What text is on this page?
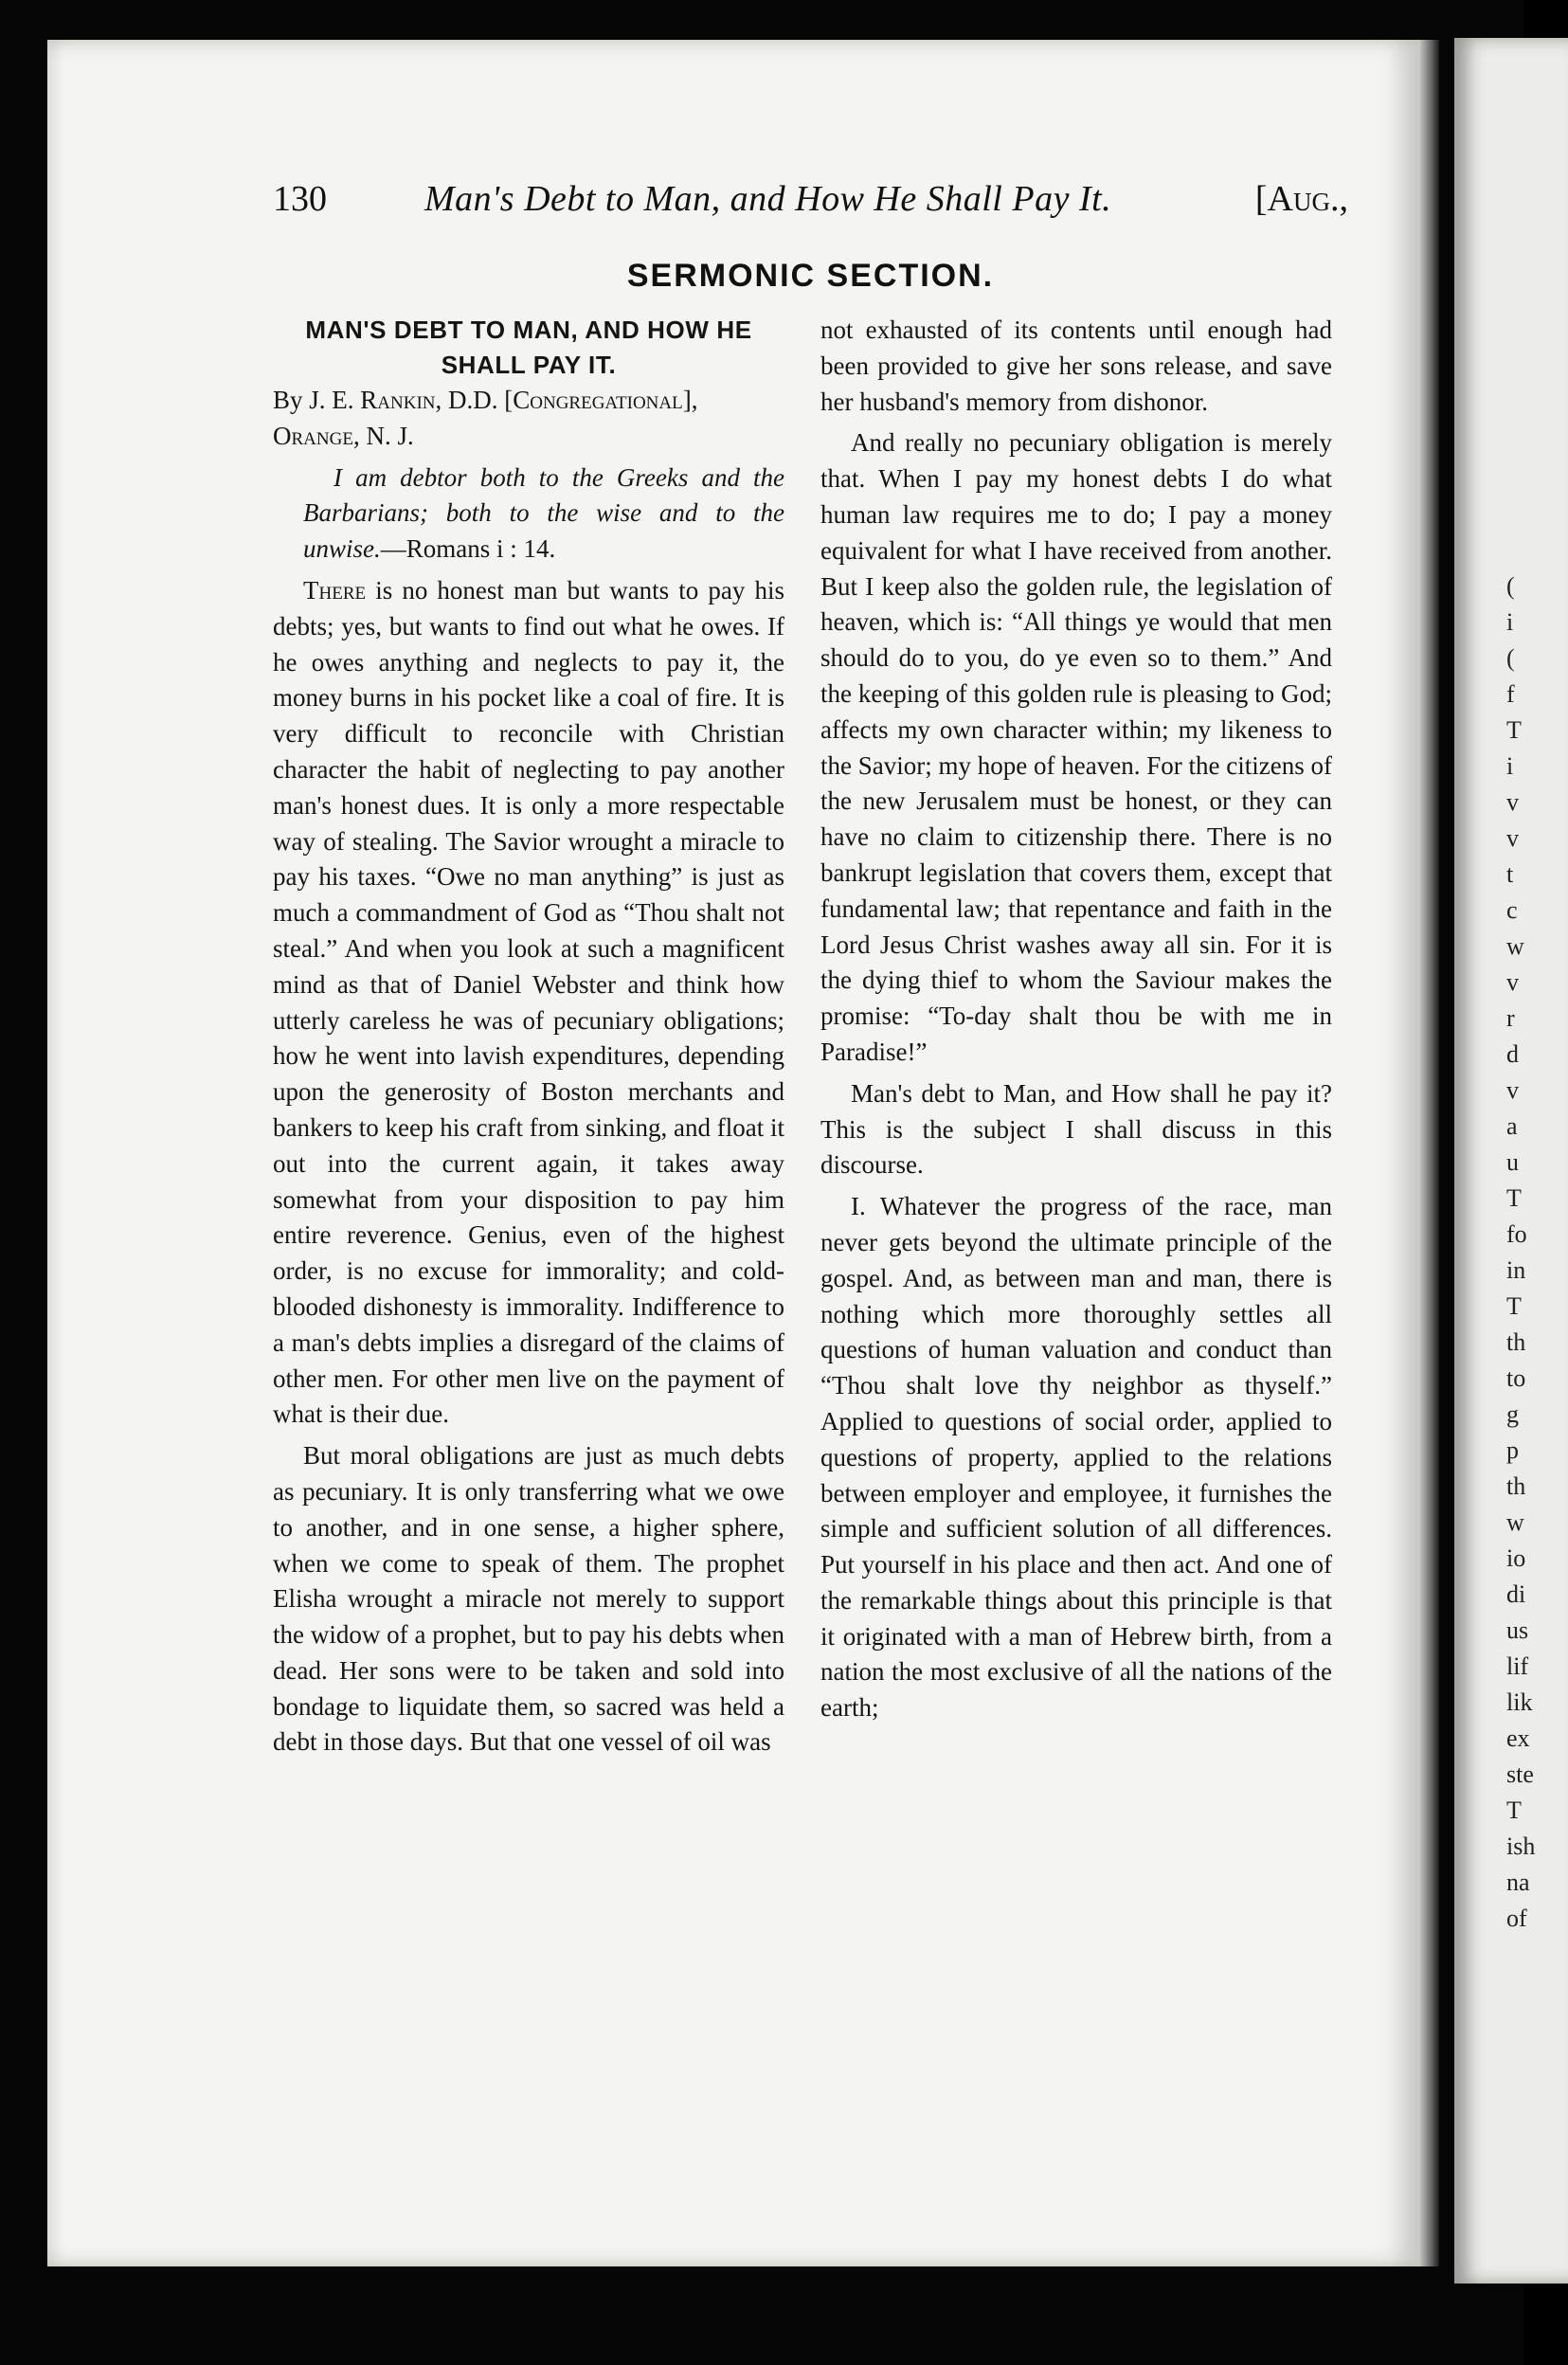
(
i
(
f
T
i
v
v
t
c
w
v
r
d
v
a
u
T
fo
in
T
th
to
g
p
th
w
io
di
us
lif
lik
ex
ste
T
ish
na
of
130	Man's Debt to Man, and How He Shall Pay It.	[Aug.,
SERMONIC SECTION.
MAN'S DEBT TO MAN, AND HOW HE SHALL PAY IT.

By J. E. Rankin, D.D. [Congregational], Orange, N. J.

I am debtor both to the Greeks and the Barbarians; both to the wise and to the unwise.—Romans i : 14.

There is no honest man but wants to pay his debts; yes, but wants to find out what he owes. If he owes anything and neglects to pay it, the money burns in his pocket like a coal of fire. It is very difficult to reconcile with Christian character the habit of neglecting to pay another man's honest dues. It is only a more respectable way of stealing. The Savior wrought a miracle to pay his taxes. “Owe no man anything” is just as much a commandment of God as “Thou shalt not steal.” And when you look at such a magnificent mind as that of Daniel Webster and think how utterly careless he was of pecuniary obligations; how he went into lavish expenditures, depending upon the generosity of Boston merchants and bankers to keep his craft from sinking, and float it out into the current again, it takes away somewhat from your disposition to pay him entire reverence. Genius, even of the highest order, is no excuse for immorality; and cold-blooded dishonesty is immorality. Indifference to a man's debts implies a disregard of the claims of other men. For other men live on the payment of what is their due.

But moral obligations are just as much debts as pecuniary. It is only transferring what we owe to another, and in one sense, a higher sphere, when we come to speak of them. The prophet Elisha wrought a miracle not merely to support the widow of a prophet, but to pay his debts when dead. Her sons were to be taken and sold into bondage to liquidate them, so sacred was held a debt in those days. But that one vessel of oil was

not exhausted of its contents until enough had been provided to give her sons release, and save her husband's memory from dishonor.

And really no pecuniary obligation is merely that. When I pay my honest debts I do what human law requires me to do; I pay a money equivalent for what I have received from another. But I keep also the golden rule, the legislation of heaven, which is: “All things ye would that men should do to you, do ye even so to them.” And the keeping of this golden rule is pleasing to God; affects my own character within; my likeness to the Savior; my hope of heaven. For the citizens of the new Jerusalem must be honest, or they can have no claim to citizenship there. There is no bankrupt legislation that covers them, except that fundamental law; that repentance and faith in the Lord Jesus Christ washes away all sin. For it is the dying thief to whom the Saviour makes the promise: “To-day shalt thou be with me in Paradise!”

Man's debt to Man, and How shall he pay it? This is the subject I shall discuss in this discourse.

I. Whatever the progress of the race, man never gets beyond the ultimate principle of the gospel. And, as between man and man, there is nothing which more thoroughly settles all questions of human valuation and conduct than “Thou shalt love thy neighbor as thyself.” Applied to questions of social order, applied to questions of property, applied to the relations between employer and employee, it furnishes the simple and sufficient solution of all differences. Put yourself in his place and then act. And one of the remarkable things about this principle is that it originated with a man of Hebrew birth, from a nation the most exclusive of all the nations of the earth;
